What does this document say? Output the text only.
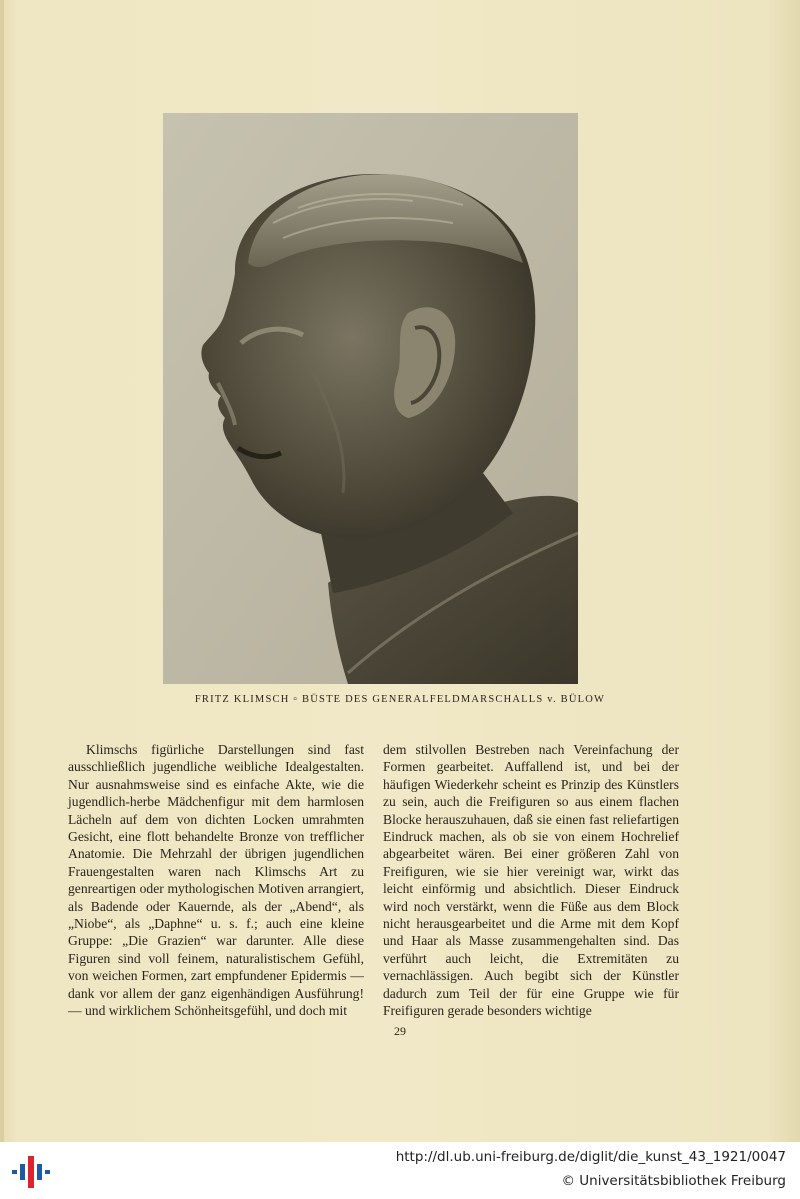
FRITZ KLIMSCH ▫ BÜSTE DES GENERALFELDMARSCHALLS v. BÜLOW

Klimschs figürliche Darstellungen sind fast ausschließlich jugendliche weibliche Idealgestalten. Nur ausnahmsweise sind es einfache Akte, wie die jugendlich-herbe Mädchenfigur mit dem harmlosen Lächeln auf dem von dichten Locken umrahmten Gesicht, eine flott behandelte Bronze von trefflicher Anatomie. Die Mehrzahl der übrigen jugendlichen Frauengestalten waren nach Klimschs Art zu genreartigen oder mythologischen Motiven arrangiert, als Badende oder Kauernde, als der „Abend“, als „Niobe“, als „Daphne“ u. s. f.; auch eine kleine Gruppe: „Die Grazien“ war darunter. Alle diese Figuren sind voll feinem, naturalistischem Gefühl, von weichen Formen, zart empfundener Epidermis — dank vor allem der ganz eigenhändigen Ausführung! — und wirklichem Schönheitsgefühl, und doch mit

dem stilvollen Bestreben nach Vereinfachung der Formen gearbeitet. Auffallend ist, und bei der häufigen Wiederkehr scheint es Prinzip des Künstlers zu sein, auch die Freifiguren so aus einem flachen Blocke herauszuhauen, daß sie einen fast reliefartigen Eindruck machen, als ob sie von einem Hochrelief abgearbeitet wären. Bei einer größeren Zahl von Freifiguren, wie sie hier vereinigt war, wirkt das leicht einförmig und absichtlich. Dieser Eindruck wird noch verstärkt, wenn die Füße aus dem Block nicht herausgearbeitet und die Arme mit dem Kopf und Haar als Masse zusammengehalten sind. Das verführt auch leicht, die Extremitäten zu vernachlässigen. Auch begibt sich der Künstler dadurch zum Teil der für eine Gruppe wie für Freifiguren gerade besonders wichtige

29
http://dl.ub.uni-freiburg.de/diglit/die_kunst_43_1921/0047
© Universitätsbibliothek Freiburg
